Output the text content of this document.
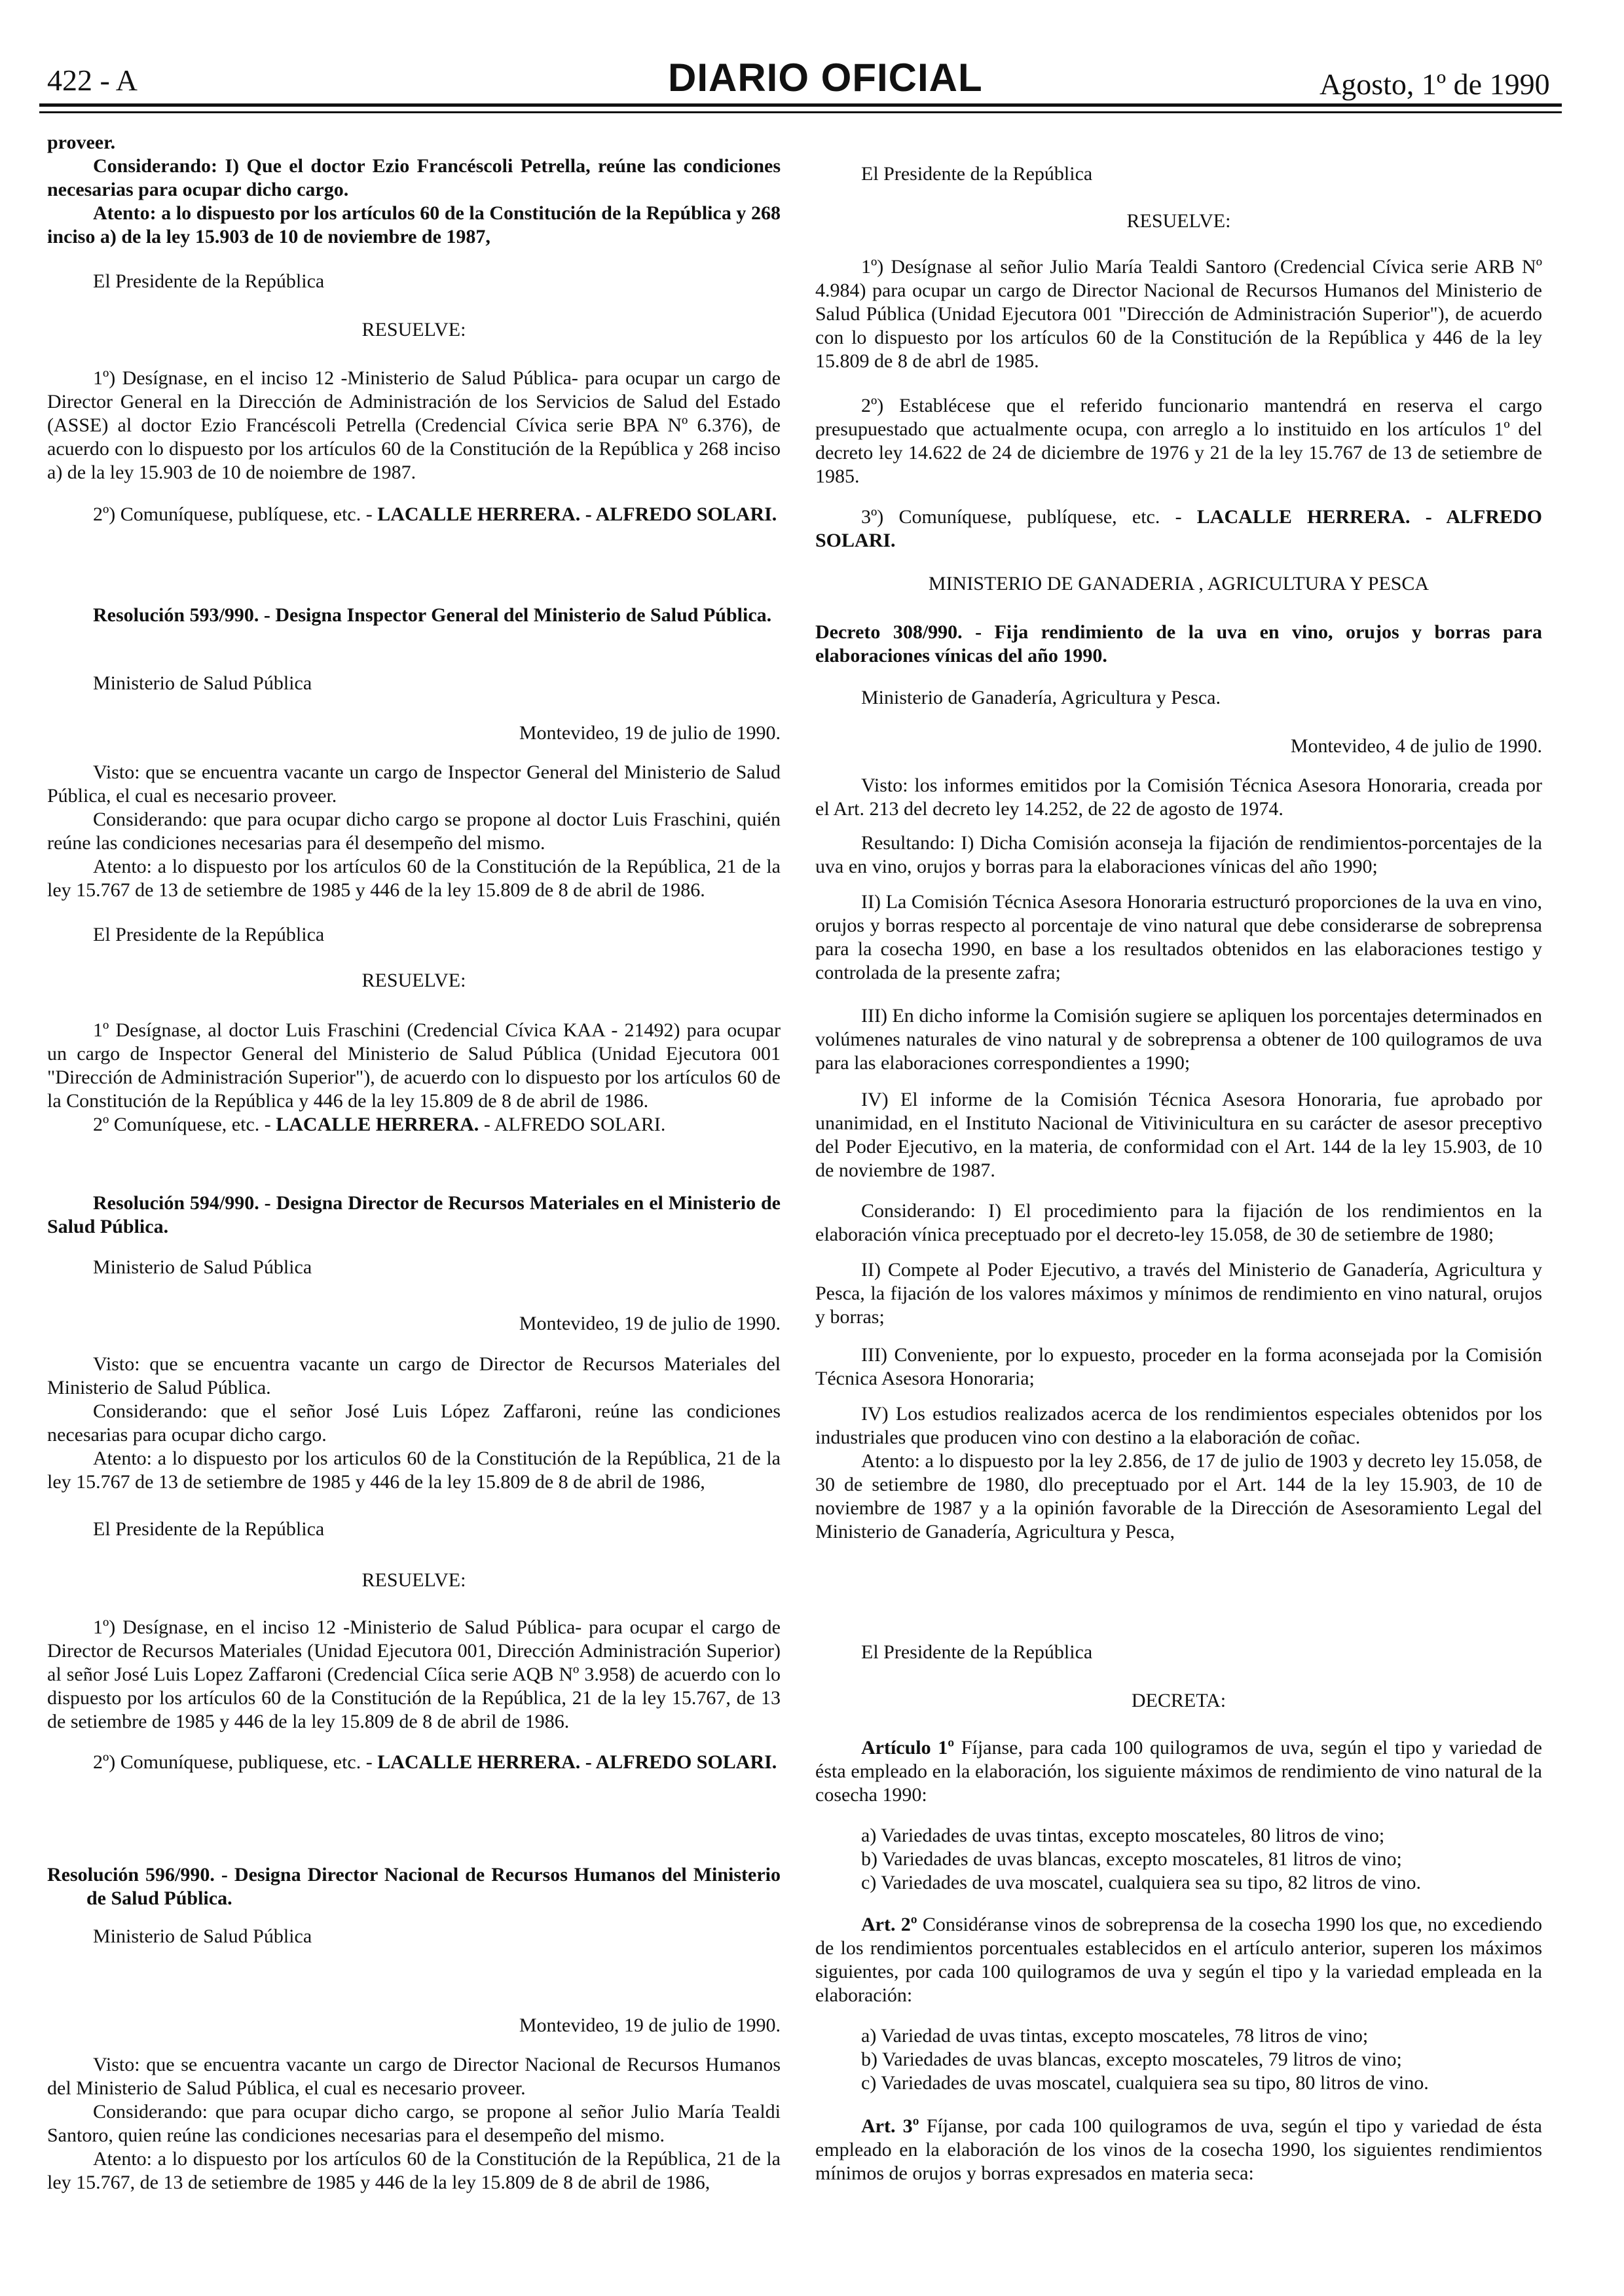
422 - A	DIARIO OFICIAL	Agosto, 1º de 1990

proveer.

Considerando: I) Que el doctor Ezio Francéscoli Petrella, reúne las condiciones necesarias para ocupar dicho cargo.

Atento: a lo dispuesto por los artículos 60 de la Constitución de la República y 268 inciso a) de la ley 15.903 de 10 de noviembre de 1987,

El Presidente de la República

RESUELVE:

1º) Desígnase, en el inciso 12 -Ministerio de Salud Pública- para ocupar un cargo de Director General en la Dirección de Administración de los Servicios de Salud del Estado (ASSE) al doctor Ezio Francéscoli Petrella (Credencial Cívica serie BPA Nº 6.376), de acuerdo con lo dispuesto por los artículos 60 de la Constitución de la República y 268 inciso a) de la ley 15.903 de 10 de noiembre de 1987.

2º) Comuníquese, publíquese, etc. - LACALLE HERRERA. - ALFREDO SOLARI.

Resolución 593/990. - Designa Inspector General del Ministerio de Salud Pública.

Ministerio de Salud Pública

Montevideo, 19 de julio de 1990.

Visto: que se encuentra vacante un cargo de Inspector General del Ministerio de Salud Pública, el cual es necesario proveer.

Considerando: que para ocupar dicho cargo se propone al doctor Luis Fraschini, quién reúne las condiciones necesarias para él desempeño del mismo.

Atento: a lo dispuesto por los artículos 60 de la Constitución de la República, 21 de la ley 15.767 de 13 de setiembre de 1985 y 446 de la ley 15.809 de 8 de abril de 1986.

El Presidente de la República

RESUELVE:

1º Desígnase, al doctor Luis Fraschini (Credencial Cívica KAA - 21492) para ocupar un cargo de Inspector General del Ministerio de Salud Pública (Unidad Ejecutora 001 "Dirección de Administración Superior"), de acuerdo con lo dispuesto por los artículos 60 de la Constitución de la República y 446 de la ley 15.809 de 8 de abril de 1986.

2º Comuníquese, etc. - LACALLE HERRERA. - ALFREDO SOLARI.

Resolución 594/990. - Designa Director de Recursos Materiales en el Ministerio de Salud Pública.

Ministerio de Salud Pública

Montevideo, 19 de julio de 1990.

Visto: que se encuentra vacante un cargo de Director de Recursos Materiales del Ministerio de Salud Pública.

Considerando: que el señor José Luis López Zaffaroni, reúne las condiciones necesarias para ocupar dicho cargo.

Atento: a lo dispuesto por los articulos 60 de la Constitución de la República, 21 de la ley 15.767 de 13 de setiembre de 1985 y 446 de la ley 15.809 de 8 de abril de 1986,

El Presidente de la República

RESUELVE:

1º) Desígnase, en el inciso 12 -Ministerio de Salud Pública- para ocupar el cargo de Director de Recursos Materiales (Unidad Ejecutora 001, Dirección Administración Superior) al señor José Luis Lopez Zaffaroni (Credencial Cíica serie AQB Nº 3.958) de acuerdo con lo dispuesto por los artículos 60 de la Constitución de la República, 21 de la ley 15.767, de 13 de setiembre de 1985 y 446 de la ley 15.809 de 8 de abril de 1986.

2º) Comuníquese, publiquese, etc. - LACALLE HERRERA. - ALFREDO SOLARI.

Resolución 596/990. - Designa Director Nacional de Recursos Humanos del Ministerio de Salud Pública.

Ministerio de Salud Pública

Montevideo, 19 de julio de 1990.

Visto: que se encuentra vacante un cargo de Director Nacional de Recursos Humanos del Ministerio de Salud Pública, el cual es necesario proveer.

Considerando: que para ocupar dicho cargo, se propone al señor Julio María Tealdi Santoro, quien reúne las condiciones necesarias para el desempeño del mismo.

Atento: a lo dispuesto por los artículos 60 de la Constitución de la República, 21 de la ley 15.767, de 13 de setiembre de 1985 y 446 de la ley 15.809 de 8 de abril de 1986,

El Presidente de la República

RESUELVE:

1º) Desígnase al señor Julio María Tealdi Santoro (Credencial Cívica serie ARB Nº 4.984) para ocupar un cargo de Director Nacional de Recursos Humanos del Ministerio de Salud Pública (Unidad Ejecutora 001 "Dirección de Administración Superior"), de acuerdo con lo dispuesto por los artículos 60 de la Constitución de la República y 446 de la ley 15.809 de 8 de abrl de 1985.

2º) Establécese que el referido funcionario mantendrá en reserva el cargo presupuestado que actualmente ocupa, con arreglo a lo instituido en los artículos 1º del decreto ley 14.622 de 24 de diciembre de 1976 y 21 de la ley 15.767 de 13 de setiembre de 1985.

3º) Comuníquese, publíquese, etc. - LACALLE HERRERA. - ALFREDO SOLARI.

MINISTERIO DE GANADERIA , AGRICULTURA Y PESCA

Decreto 308/990. - Fija rendimiento de la uva en vino, orujos y borras para elaboraciones vínicas del año 1990.

Ministerio de Ganadería, Agricultura y Pesca.

Montevideo, 4 de julio de 1990.

Visto: los informes emitidos por la Comisión Técnica Asesora Honoraria, creada por el Art. 213 del decreto ley 14.252, de 22 de agosto de 1974.

Resultando: I) Dicha Comisión aconseja la fijación de rendimientos-porcentajes de la uva en vino, orujos y borras para la elaboraciones vínicas del año 1990;

II) La Comisión Técnica Asesora Honoraria estructuró proporciones de la uva en vino, orujos y borras respecto al porcentaje de vino natural que debe considerarse de sobreprensa para la cosecha 1990, en base a los resultados obtenidos en las elaboraciones testigo y controlada de la presente zafra;

III) En dicho informe la Comisión sugiere se apliquen los porcentajes determinados en volúmenes naturales de vino natural y de sobreprensa a obtener de 100 quilogramos de uva para las elaboraciones correspondientes a 1990;

IV) El informe de la Comisión Técnica Asesora Honoraria, fue aprobado por unanimidad, en el Instituto Nacional de Vitivinicultura en su carácter de asesor preceptivo del Poder Ejecutivo, en la materia, de conformidad con el Art. 144 de la ley 15.903, de 10 de noviembre de 1987.

Considerando: I) El procedimiento para la fijación de los rendimientos en la elaboración vínica preceptuado por el decreto-ley 15.058, de 30 de setiembre de 1980;

II) Compete al Poder Ejecutivo, a través del Ministerio de Ganadería, Agricultura y Pesca, la fijación de los valores máximos y mínimos de rendimiento en vino natural, orujos y borras;

III) Conveniente, por lo expuesto, proceder en la forma aconsejada por la Comisión Técnica Asesora Honoraria;

IV) Los estudios realizados acerca de los rendimientos especiales obtenidos por los industriales que producen vino con destino a la elaboración de coñac.

Atento: a lo dispuesto por la ley 2.856, de 17 de julio de 1903 y decreto ley 15.058, de 30 de setiembre de 1980, dlo preceptuado por el Art. 144 de la ley 15.903, de 10 de noviembre de 1987 y a la opinión favorable de la Dirección de Asesoramiento Legal del Ministerio de Ganadería, Agricultura y Pesca,

El Presidente de la República

DECRETA:

Artículo 1º Fíjanse, para cada 100 quilogramos de uva, según el tipo y variedad de ésta empleado en la elaboración, los siguiente máximos de rendimiento de vino natural de la cosecha 1990:

a) Variedades de uvas tintas, excepto moscateles, 80 litros de vino;

b) Variedades de uvas blancas, excepto moscateles, 81 litros de vino;

c) Variedades de uva moscatel, cualquiera sea su tipo, 82 litros de vino.

Art. 2º Considéranse vinos de sobreprensa de la cosecha 1990 los que, no excediendo de los rendimientos porcentuales establecidos en el artículo anterior, superen los máximos siguientes, por cada 100 quilogramos de uva y según el tipo y la variedad empleada en la elaboración:

a) Variedad de uvas tintas, excepto moscateles, 78 litros de vino;

b) Variedades de uvas blancas, excepto moscateles, 79 litros de vino;

c) Variedades de uvas moscatel, cualquiera sea su tipo, 80 litros de vino.

Art. 3º Fíjanse, por cada 100 quilogramos de uva, según el tipo y variedad de ésta empleado en la elaboración de los vinos de la cosecha 1990, los siguientes rendimientos mínimos de orujos y borras expresados en materia seca:
